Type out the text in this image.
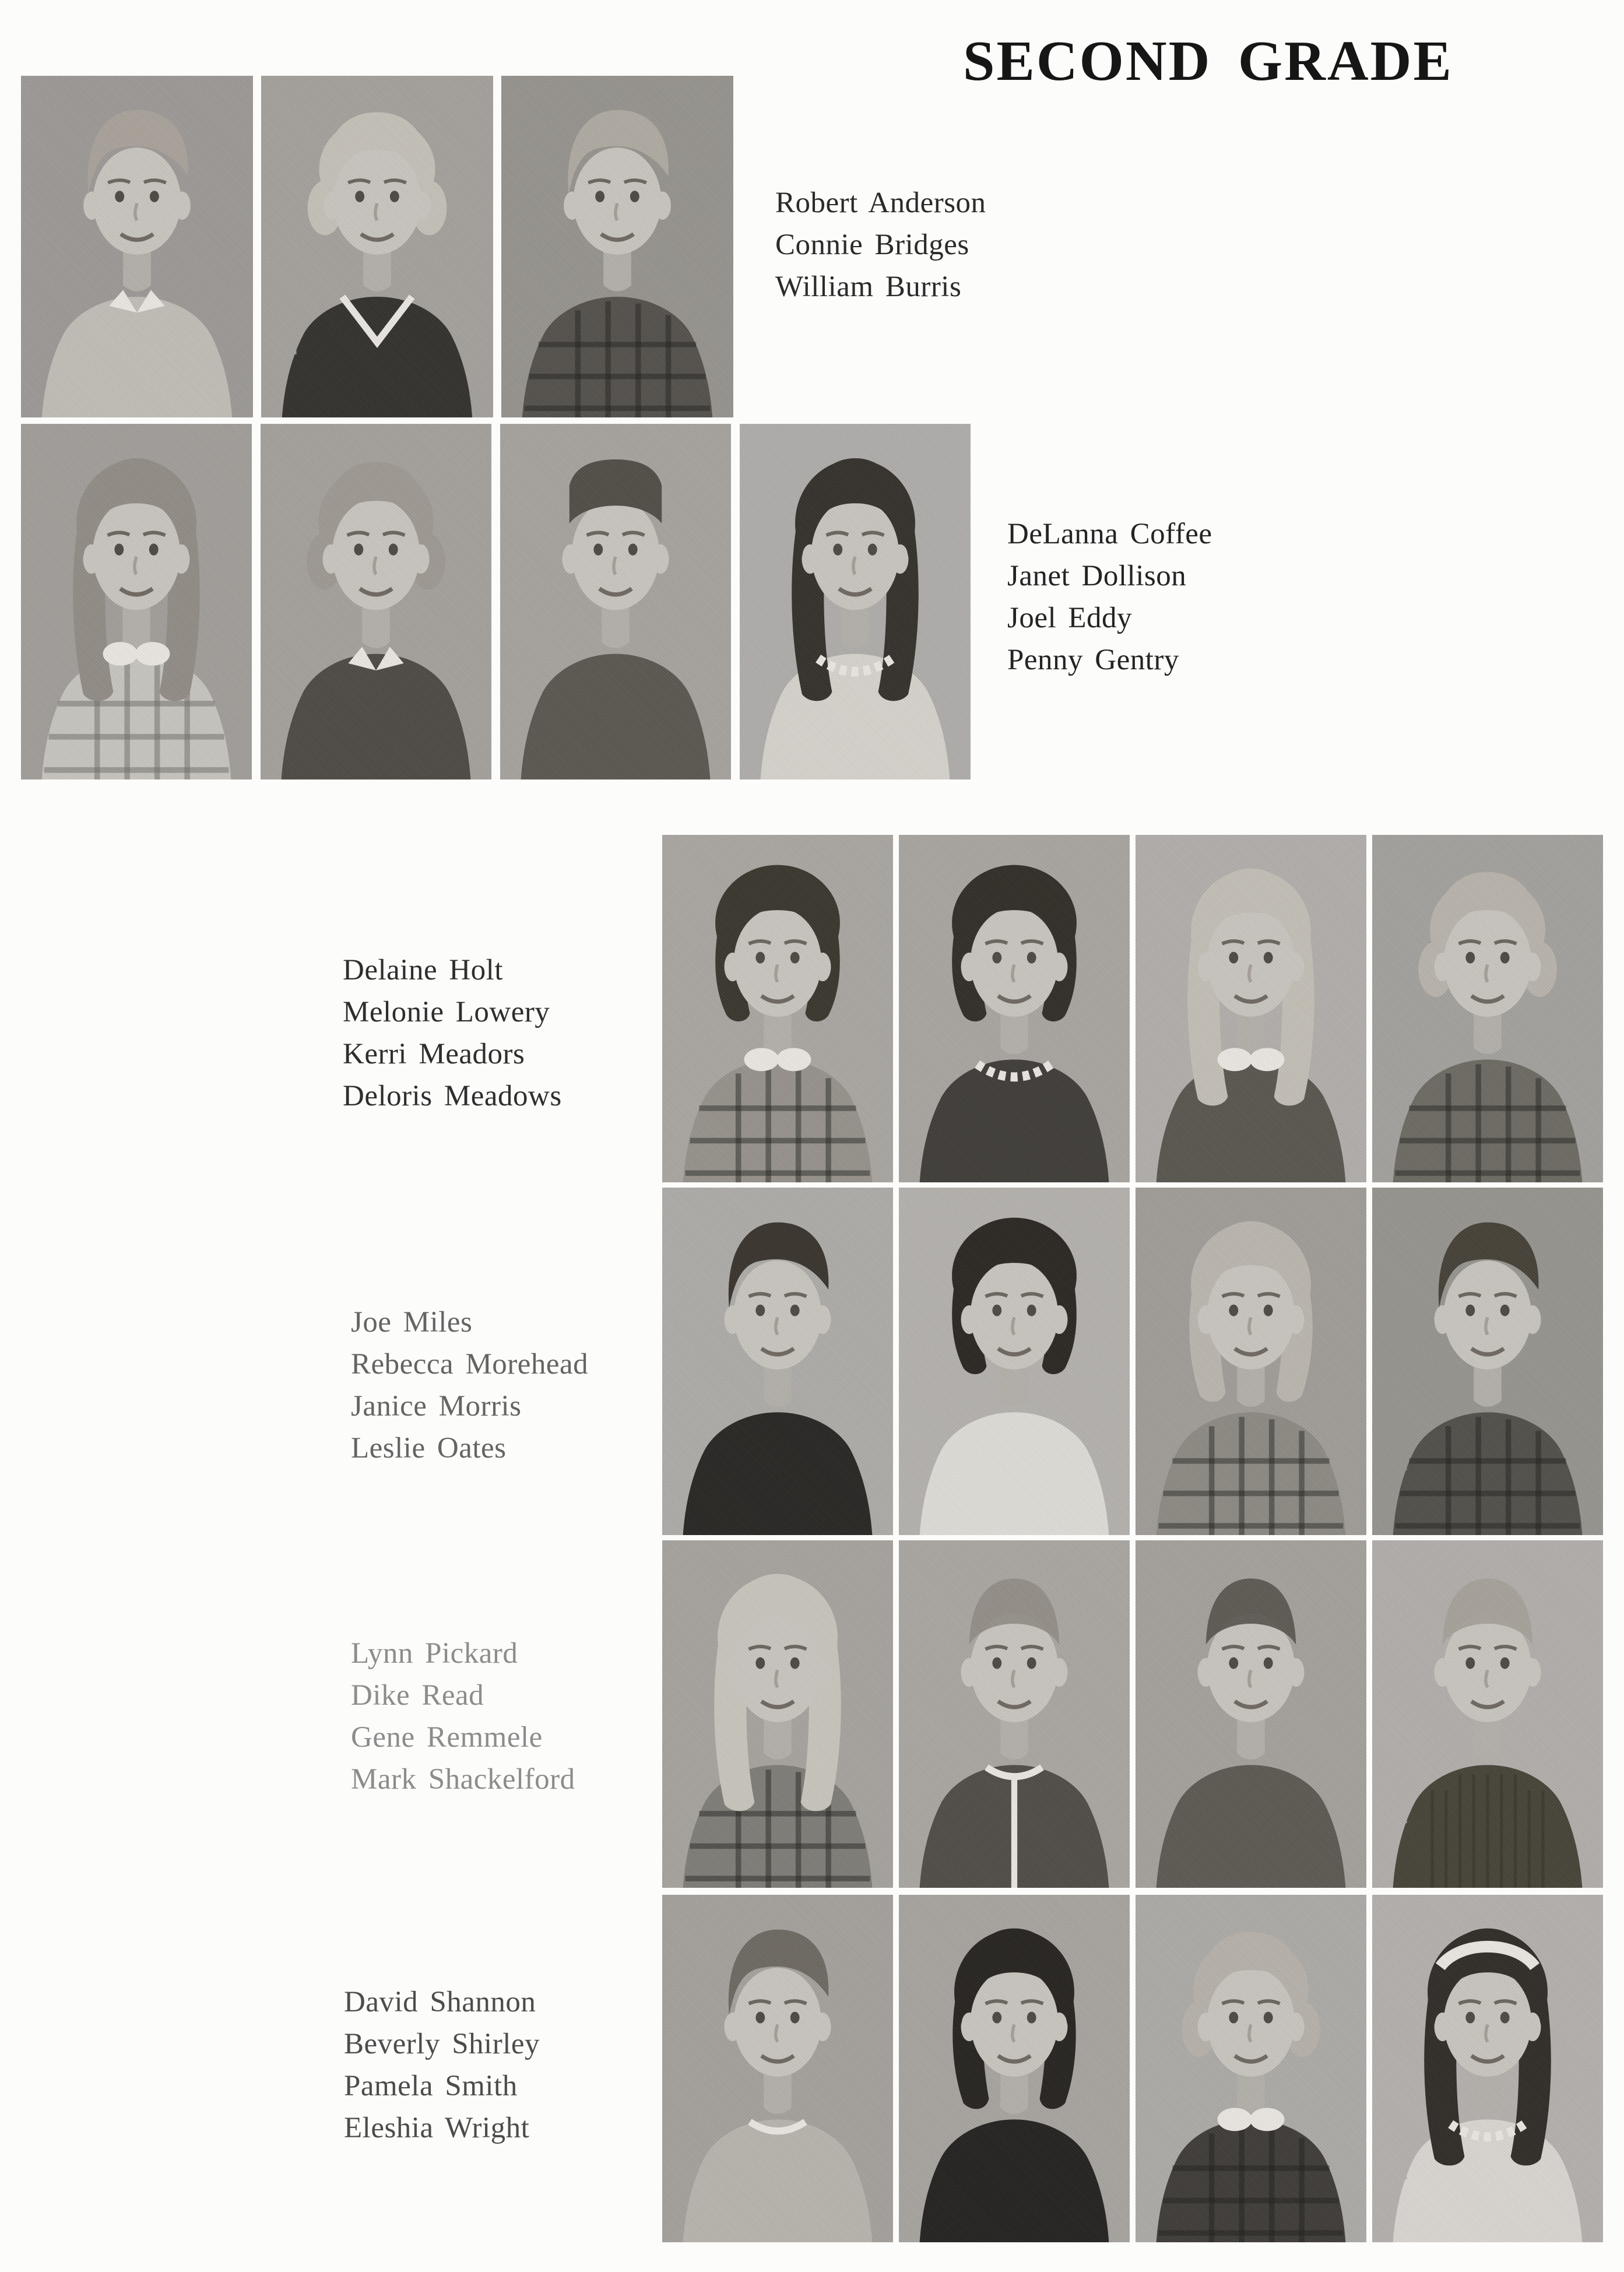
SECOND GRADE
Robert Anderson
Connie Bridges
William Burris
DeLanna Coffee
Janet Dollison
Joel Eddy
Penny Gentry
Delaine Holt
Melonie Lowery
Kerri Meadors
Deloris Meadows
Joe Miles
Rebecca Morehead
Janice Morris
Leslie Oates
Lynn Pickard
Dike Read
Gene Remmele
Mark Shackelford
David Shannon
Beverly Shirley
Pamela Smith
Eleshia Wright
